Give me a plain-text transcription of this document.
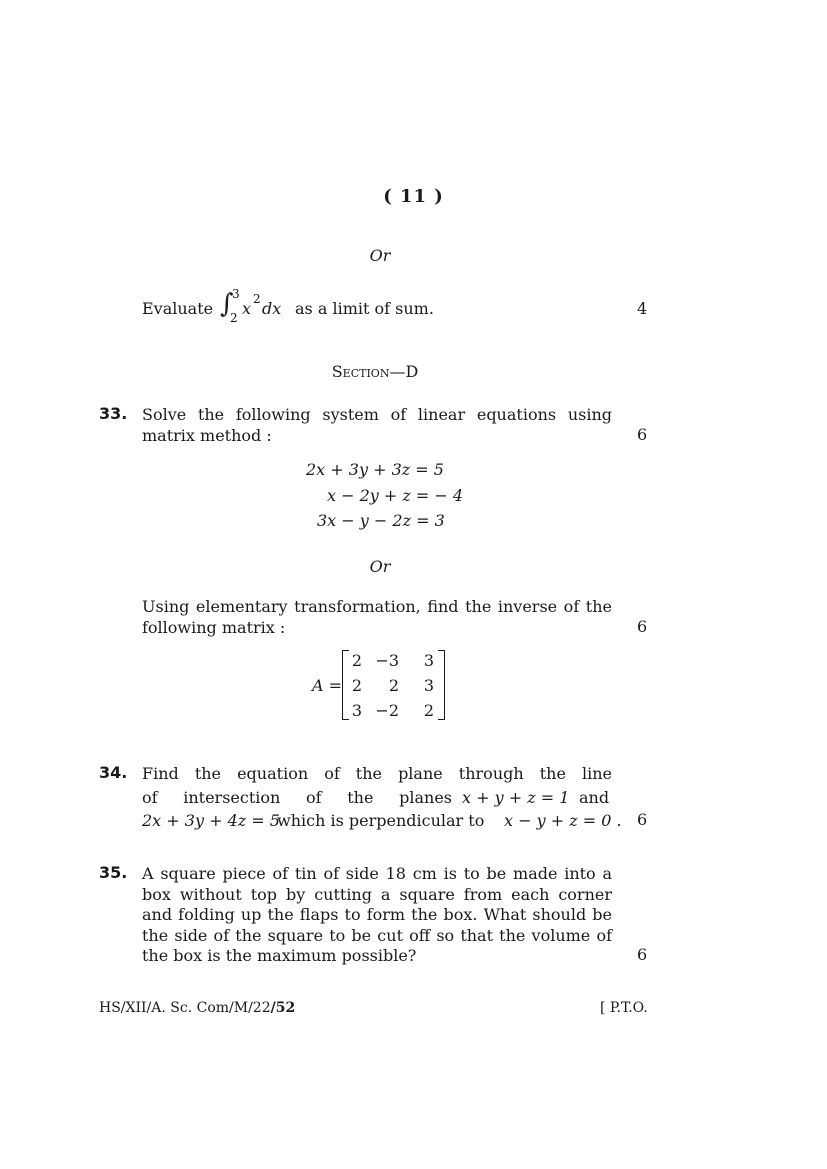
( 11 )
Or
Evaluate ∫
3
2 x 2 dx as a limit of sum.	4
Section—D
33. Solve the following system of linear equations using
matrix method :	6
2x + 3y + 3z = 5
x − 2y + z = − 4
3x − y − 2z = 3
Or
Using elementary transformation, find the inverse of the
following matrix :	6
A =
2 −3	3
2	2	3
3 −2	2
34. Find the equation of the plane through the line
of intersection of the planes x + y + z = 1 and
2x + 3y + 4z = 5
which is perpendicular to x − y + z = 0 . 6
35. A square piece of tin of side 18 cm is to be made into a
box without top by cutting a square from each corner
and folding up the flaps to form the box. What should be
the side of the square to be cut off so that the volume of
the box is the maximum possible?	6
HS/XII/A. Sc. Com/M/22/52	[ P.T.O.
